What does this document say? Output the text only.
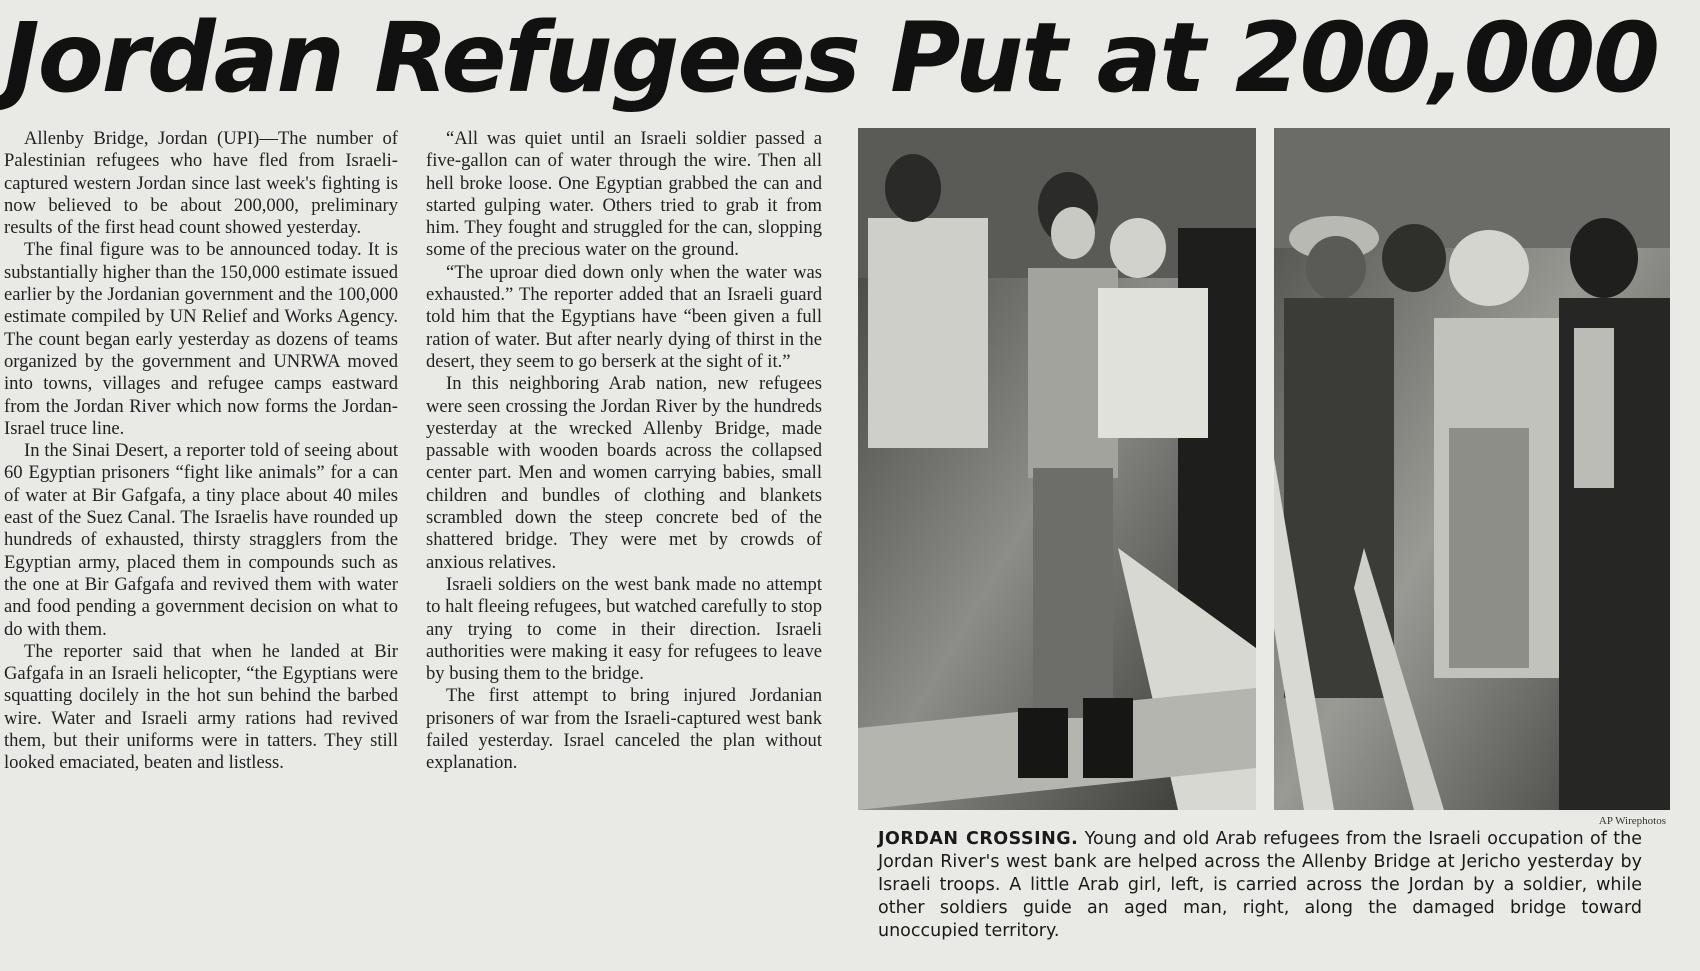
Jordan Refugees Put at 200,000

Allenby Bridge, Jordan (UPI)—The number of Palestinian refugees who have fled from Israeli-captured western Jordan since last week's fighting is now believed to be about 200,000, preliminary results of the first head count showed yesterday.

The final figure was to be announced today. It is substantially higher than the 150,000 estimate issued earlier by the Jordanian government and the 100,000 estimate compiled by UN Relief and Works Agency. The count began early yesterday as dozens of teams organized by the government and UNRWA moved into towns, villages and refugee camps eastward from the Jordan River which now forms the Jordan-Israel truce line.

In the Sinai Desert, a reporter told of seeing about 60 Egyptian prisoners “fight like animals” for a can of water at Bir Gafgafa, a tiny place about 40 miles east of the Suez Canal. The Israelis have rounded up hundreds of exhausted, thirsty stragglers from the Egyptian army, placed them in compounds such as the one at Bir Gafgafa and revived them with water and food pending a government decision on what to do with them.

The reporter said that when he landed at Bir Gafgafa in an Israeli helicopter, “the Egyptians were squatting docilely in the hot sun behind the barbed wire. Water and Israeli army rations had revived them, but their uniforms were in tatters. They still looked emaciated, beaten and listless.

“All was quiet until an Israeli soldier passed a five-gallon can of water through the wire. Then all hell broke loose. One Egyptian grabbed the can and started gulping water. Others tried to grab it from him. They fought and struggled for the can, slopping some of the precious water on the ground.

“The uproar died down only when the water was exhausted.” The reporter added that an Israeli guard told him that the Egyptians have “been given a full ration of water. But after nearly dying of thirst in the desert, they seem to go berserk at the sight of it.”

In this neighboring Arab nation, new refugees were seen crossing the Jordan River by the hundreds yesterday at the wrecked Allenby Bridge, made passable with wooden boards across the collapsed center part. Men and women carrying babies, small children and bundles of clothing and blankets scrambled down the steep concrete bed of the shattered bridge. They were met by crowds of anxious relatives.

Israeli soldiers on the west bank made no attempt to halt fleeing refugees, but watched carefully to stop any trying to come in their direction. Israeli authorities were making it easy for refugees to leave by busing them to the bridge.

The first attempt to bring injured Jordanian prisoners of war from the Israeli-captured west bank failed yesterday. Israel canceled the plan without explanation.

AP Wirephotos
JORDAN CROSSING. Young and old Arab refugees from the Israeli occupation of the Jordan River's west bank are helped across the Allenby Bridge at Jericho yesterday by Israeli troops. A little Arab girl, left, is carried across the Jordan by a soldier, while other soldiers guide an aged man, right, along the damaged bridge toward unoccupied territory.
